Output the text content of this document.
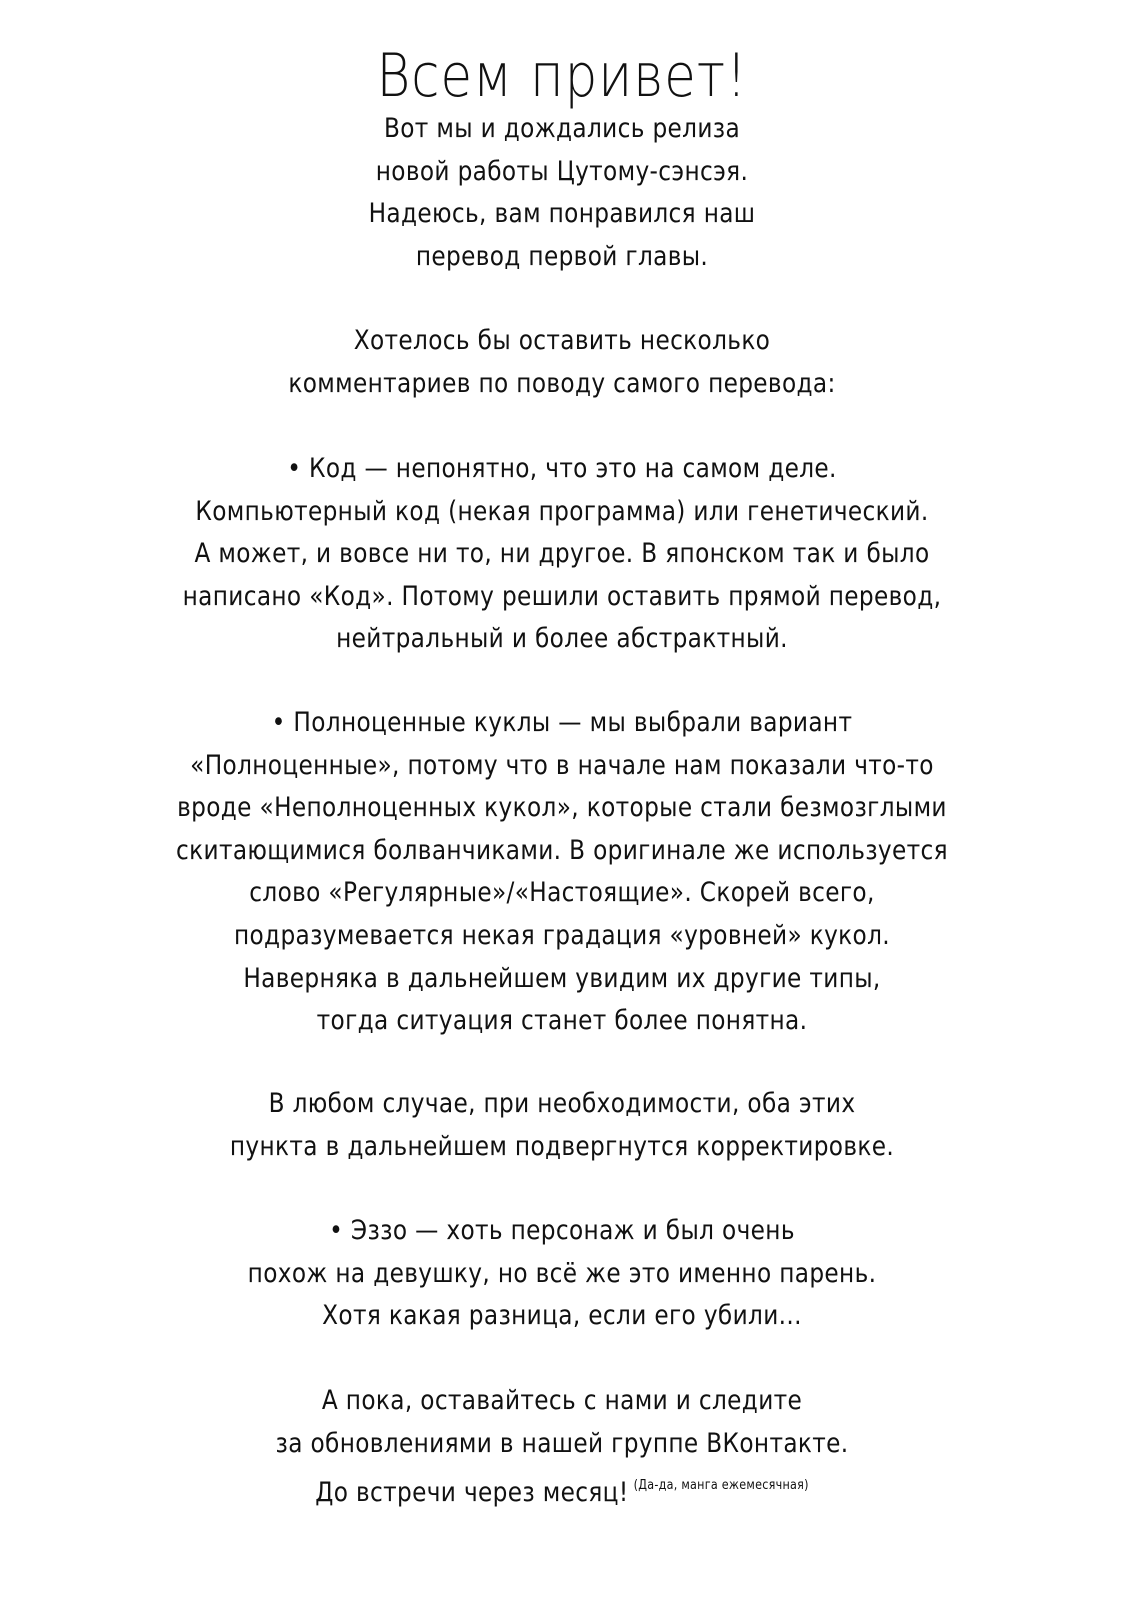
Всем привет!
Вот мы и дождались релиза
новой работы Цутому-сэнсэя.
Надеюсь, вам понравился наш
перевод первой главы.
Хотелось бы оставить несколько
комментариев по поводу самого перевода:
• Код — непонятно, что это на самом деле.
Компьютерный код (некая программа) или генетический.
А может, и вовсе ни то, ни другое. В японском так и было
написано «Код». Потому решили оставить прямой перевод,
нейтральный и более абстрактный.
• Полноценные куклы — мы выбрали вариант
«Полноценные», потому что в начале нам показали что-то
вроде «Неполноценных кукол», которые стали безмозглыми
скитающимися болванчиками. В оригинале же используется
слово «Регулярные»/«Настоящие». Скорей всего,
подразумевается некая градация «уровней» кукол.
Наверняка в дальнейшем увидим их другие типы,
тогда ситуация станет более понятна.
В любом случае, при необходимости, оба этих
пункта в дальнейшем подвергнутся корректировке.
• Эззо — хоть персонаж и был очень
похож на девушку, но всё же это именно парень.
Хотя какая разница, если его убили...
А пока, оставайтесь с нами и следите
за обновлениями в нашей группе ВКонтакте.
До встречи через месяц! $^{(Да-да, манга ежемесячная)}$
